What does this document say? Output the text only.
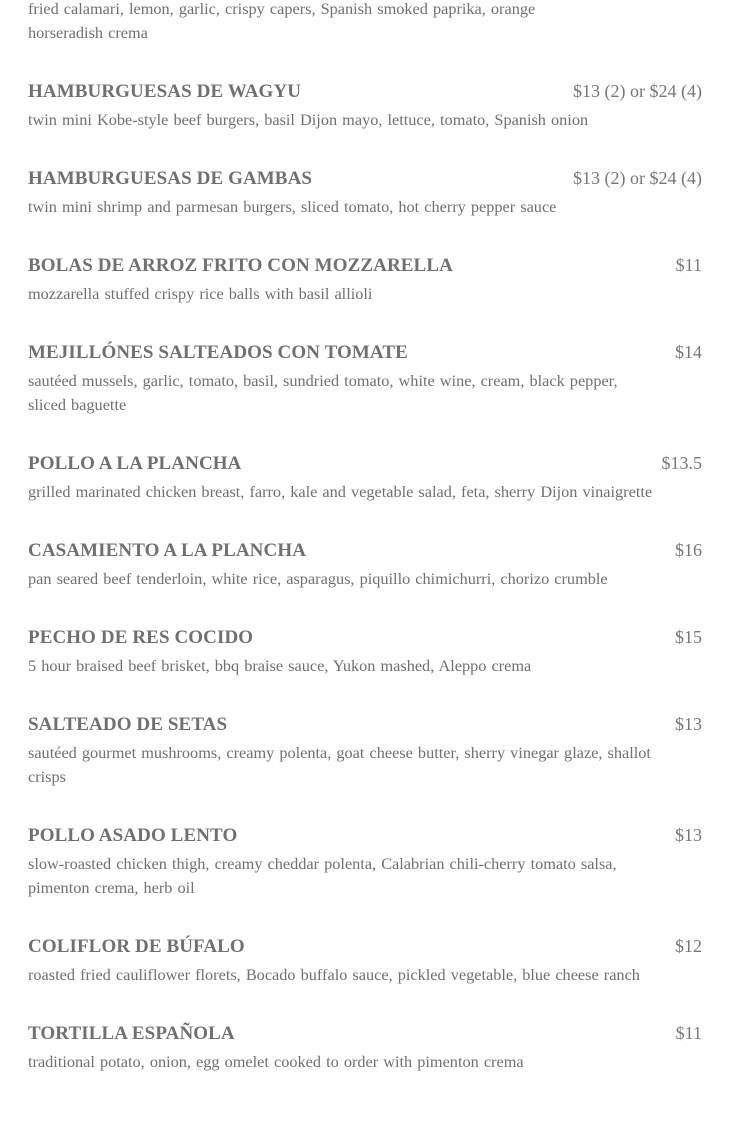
fried calamari, lemon, garlic, crispy capers, Spanish smoked paprika, orange horseradish crema
HAMBURGUESAS DE WAGYU	$13 (2) or $24 (4)
twin mini Kobe-style beef burgers, basil Dijon mayo, lettuce, tomato, Spanish onion
HAMBURGUESAS DE GAMBAS	$13 (2) or $24 (4)
twin mini shrimp and parmesan burgers, sliced tomato, hot cherry pepper sauce
BOLAS DE ARROZ FRITO CON MOZZARELLA	$11
mozzarella stuffed crispy rice balls with basil allioli
MEJILLÓNES SALTEADOS CON TOMATE	$14
sautéed mussels, garlic, tomato, basil, sundried tomato, white wine, cream, black pepper, sliced baguette
POLLO A LA PLANCHA	$13.5
grilled marinated chicken breast, farro, kale and vegetable salad, feta, sherry Dijon vinaigrette
CASAMIENTO A LA PLANCHA	$16
pan seared beef tenderloin, white rice, asparagus, piquillo chimichurri, chorizo crumble
PECHO DE RES COCIDO	$15
5 hour braised beef brisket, bbq braise sauce, Yukon mashed, Aleppo crema
SALTEADO DE SETAS	$13
sautéed gourmet mushrooms, creamy polenta, goat cheese butter, sherry vinegar glaze, shallot crisps
POLLO ASADO LENTO	$13
slow-roasted chicken thigh, creamy cheddar polenta, Calabrian chili-cherry tomato salsa, pimenton crema, herb oil
COLIFLOR DE BÚFALO	$12
roasted fried cauliflower florets, Bocado buffalo sauce, pickled vegetable, blue cheese ranch
TORTILLA ESPAÑOLA	$11
traditional potato, onion, egg omelet cooked to order with pimenton crema
